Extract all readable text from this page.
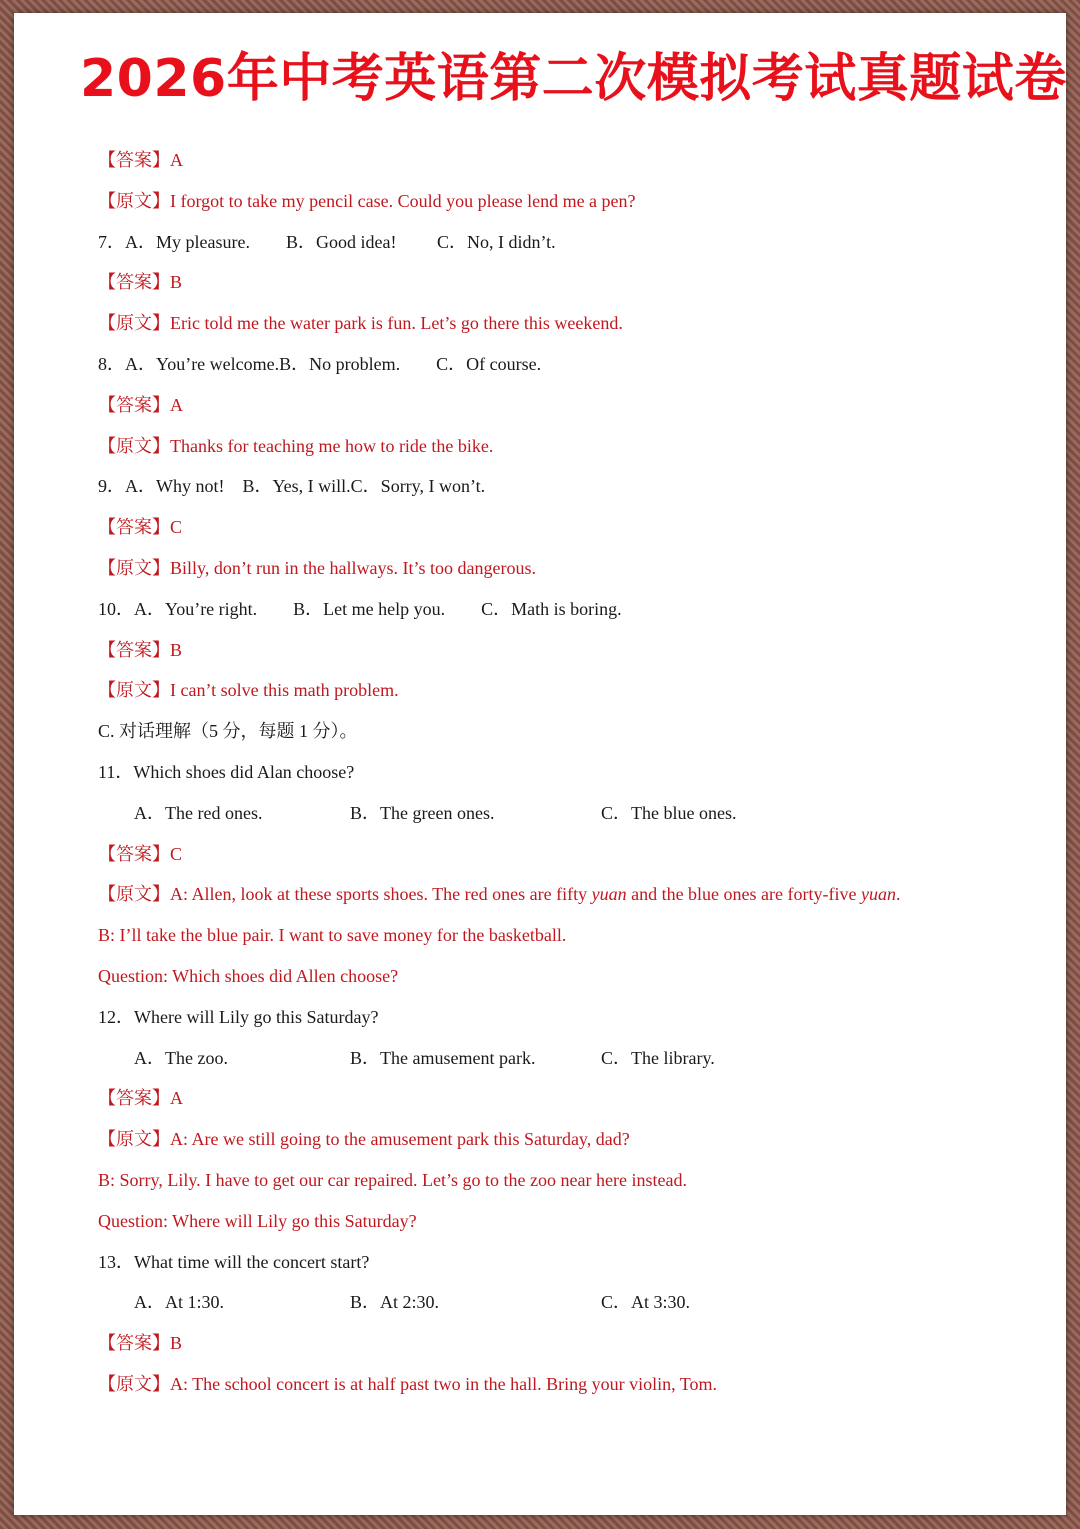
2026年中考英语第二次模拟考试真题试卷
【答案】A
【原文】I forgot to take my pencil case. Could you please lend me a pen?
7．A．My pleasure.　　B．Good idea!　　 C．No, I didn’t.
【答案】B
【原文】Eric told me the water park is fun. Let’s go there this weekend.
8．A．You’re welcome.B．No problem.　　C．Of course.
【答案】A
【原文】Thanks for teaching me how to ride the bike.
9．A．Why not!　B．Yes, I will.C．Sorry, I won’t.
【答案】C
【原文】Billy, don’t run in the hallways. It’s too dangerous.
10．A．You’re right.　　B．Let me help you.　　C．Math is boring.
【答案】B
【原文】I can’t solve this math problem.
C. 对话理解（5 分，每题 1 分）。
11．Which shoes did Alan choose?
A．The red ones.	B．The green ones.	C．The blue ones.
【答案】C
【原文】A: Allen, look at these sports shoes. The red ones are fifty yuan and the blue ones are forty-five yuan.
B: I’ll take the blue pair. I want to save money for the basketball.
Question: Which shoes did Allen choose?
12．Where will Lily go this Saturday?
A．The zoo.	B．The amusement park.	C．The library.
【答案】A
【原文】A: Are we still going to the amusement park this Saturday, dad?
B: Sorry, Lily. I have to get our car repaired. Let’s go to the zoo near here instead.
Question: Where will Lily go this Saturday?
13．What time will the concert start?
A．At 1:30.	B．At 2:30.	C．At 3:30.
【答案】B
【原文】A: The school concert is at half past two in the hall. Bring your violin, Tom.
